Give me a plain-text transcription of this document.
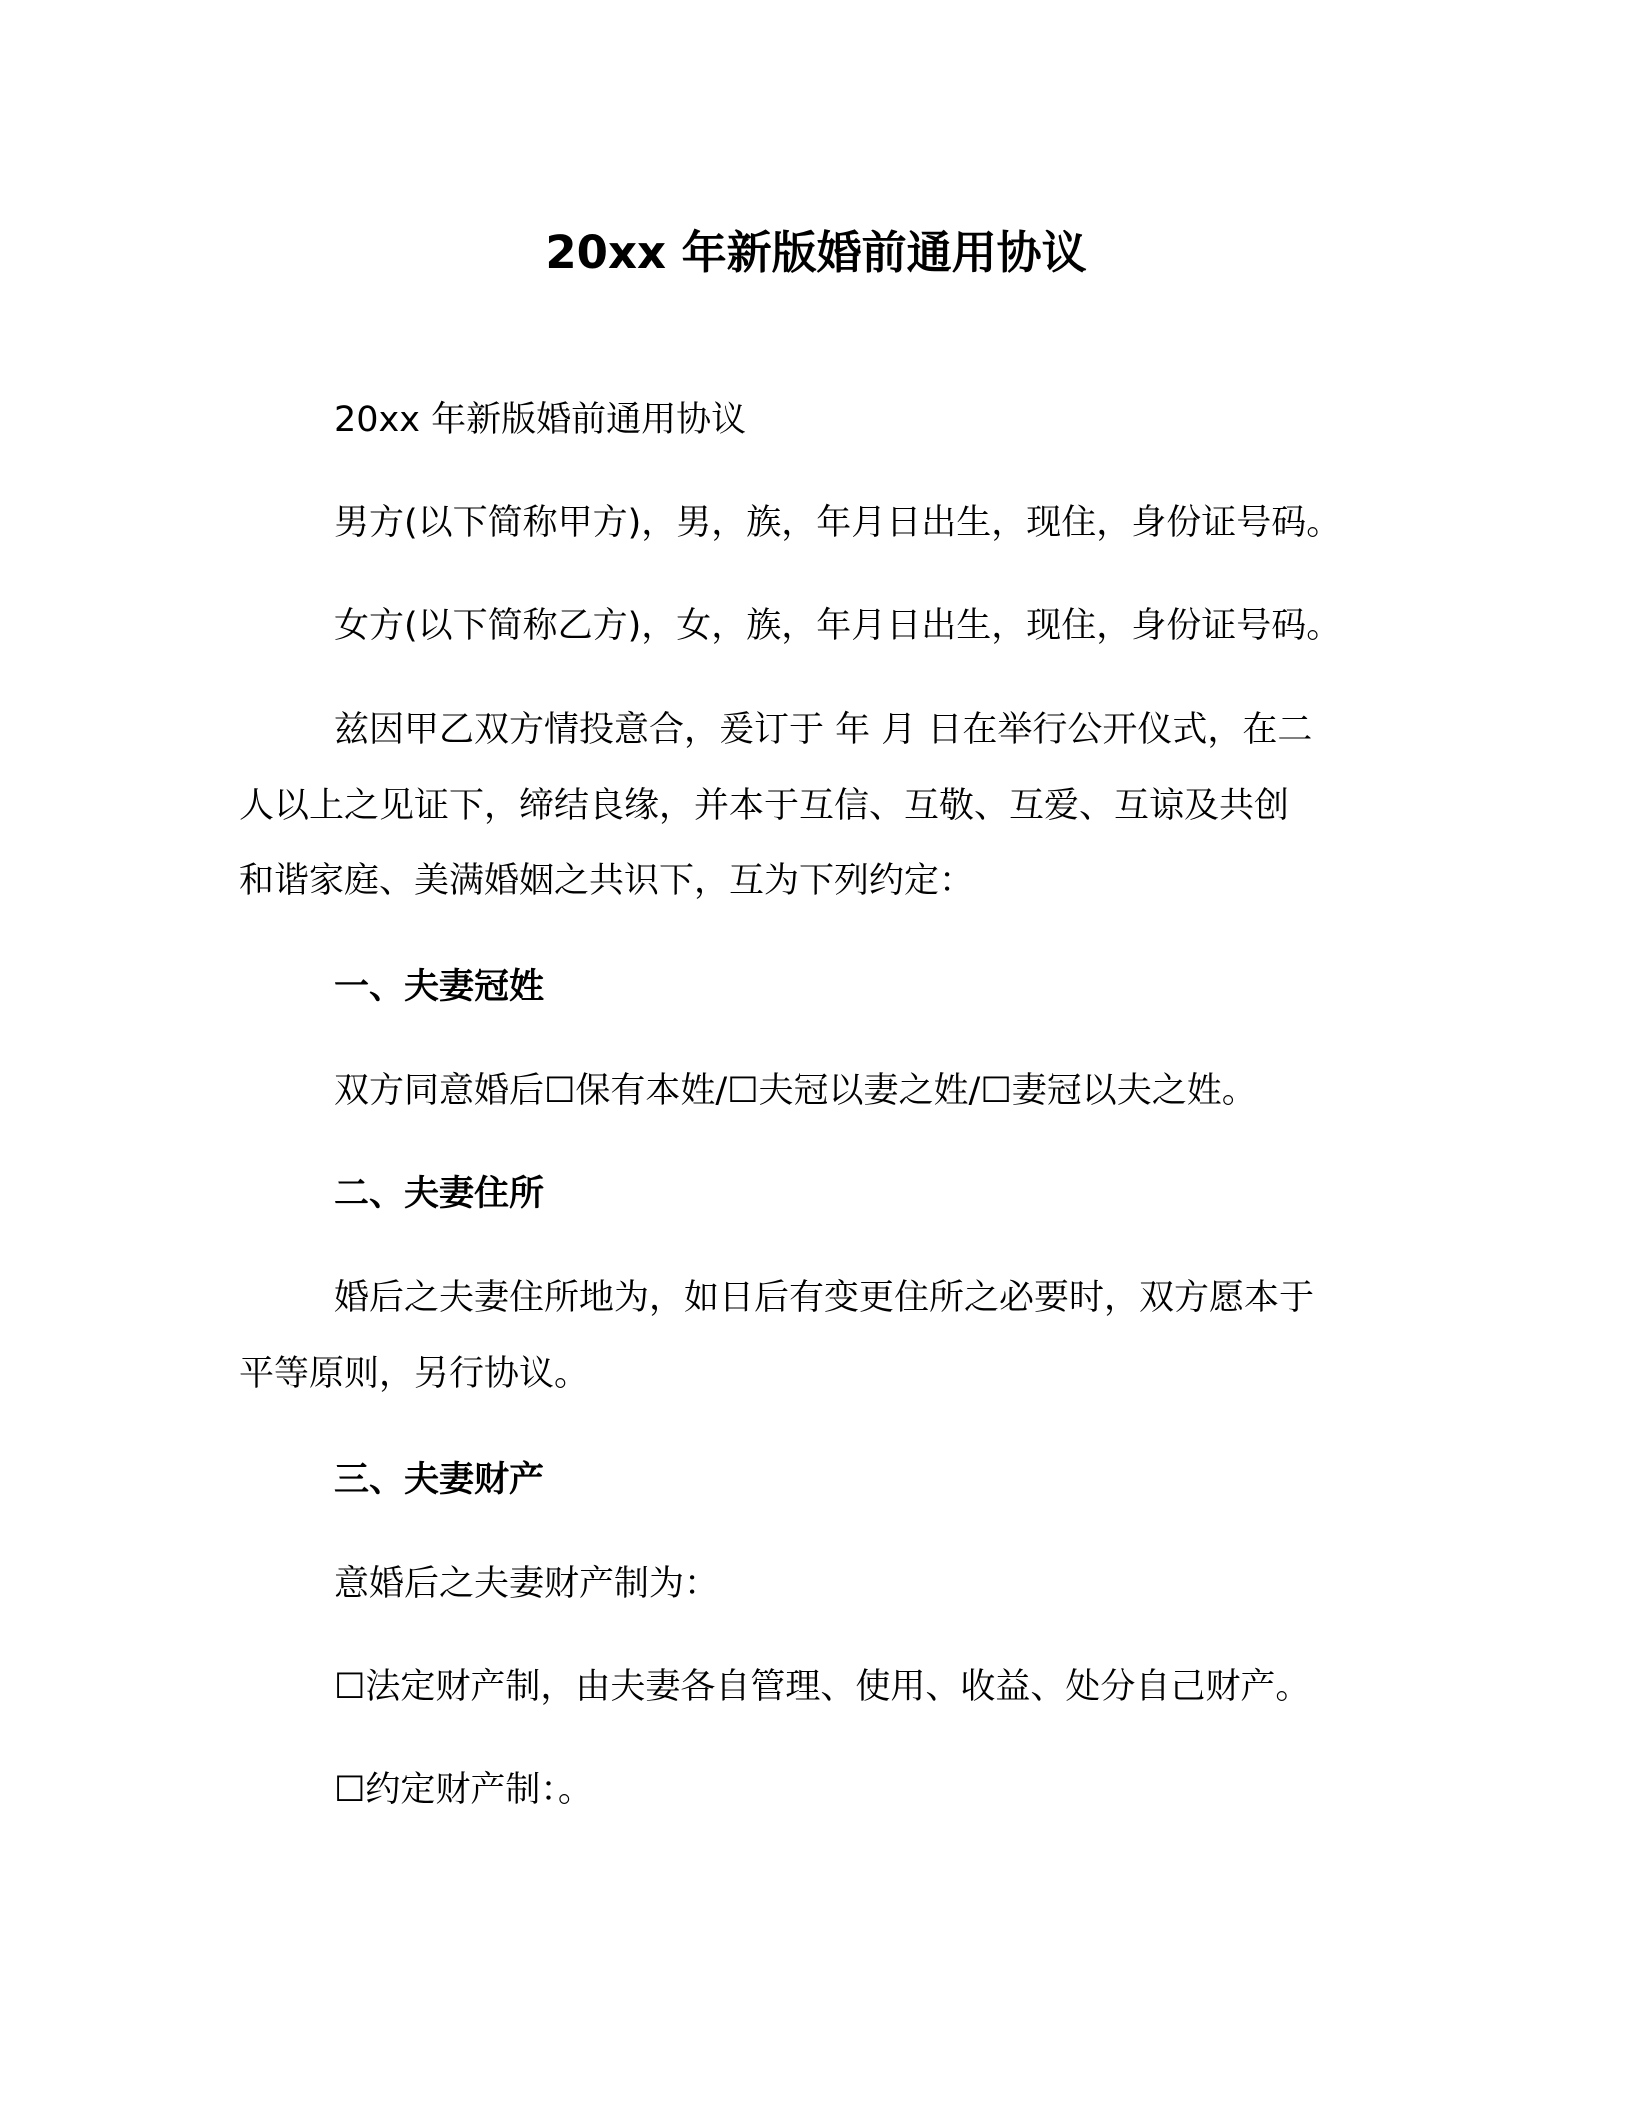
20xx 年新版婚前通用协议
20xx 年新版婚前通用协议
男方(以下简称甲方)，男，族，年月日出生，现住，身份证号码。
女方(以下简称乙方)，女，族，年月日出生，现住，身份证号码。
兹因甲乙双方情投意合，爰订于 年 月 日在举行公开仪式，在二
人以上之见证下，缔结良缘，并本于互信、互敬、互爱、互谅及共创
和谐家庭、美满婚姻之共识下，互为下列约定：
一、夫妻冠姓
双方同意婚后☐保有本姓/☐夫冠以妻之姓/☐妻冠以夫之姓。
二、夫妻住所
婚后之夫妻住所地为，如日后有变更住所之必要时，双方愿本于
平等原则，另行协议。
三、夫妻财产
意婚后之夫妻财产制为：
☐法定财产制，由夫妻各自管理、使用、收益、处分自己财产。
☐约定财产制：。
